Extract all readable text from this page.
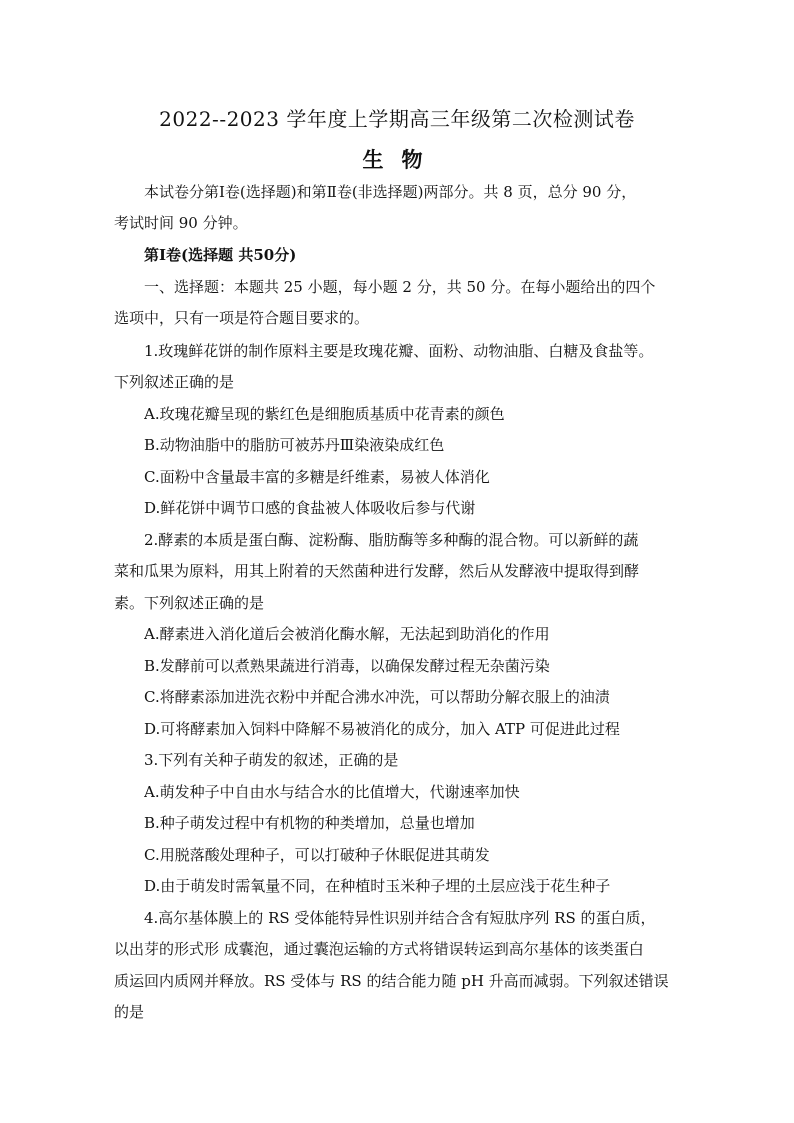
2022--2023 学年度上学期高三年级第二次检测试卷
生物
本试卷分第Ⅰ卷(选择题)和第Ⅱ卷(非选择题)两部分。共 8 页，总分 90 分，
考试时间 90 分钟。
第Ⅰ卷(选择题 共50分)
一、选择题：本题共 25 小题，每小题 2 分，共 50 分。在每小题给出的四个
选项中，只有一项是符合题目要求的。
1.玫瑰鲜花饼的制作原料主要是玫瑰花瓣、面粉、动物油脂、白糖及食盐等。
下列叙述正确的是
A.玫瑰花瓣呈现的紫红色是细胞质基质中花青素的颜色
B.动物油脂中的脂肪可被苏丹Ⅲ染液染成红色
C.面粉中含量最丰富的多糖是纤维素，易被人体消化
D.鲜花饼中调节口感的食盐被人体吸收后参与代谢
2.酵素的本质是蛋白酶、淀粉酶、脂肪酶等多种酶的混合物。可以新鲜的蔬
菜和瓜果为原料，用其上附着的天然菌种进行发酵，然后从发酵液中提取得到酵
素。下列叙述正确的是
A.酵素进入消化道后会被消化酶水解，无法起到助消化的作用
B.发酵前可以煮熟果蔬进行消毒，以确保发酵过程无杂菌污染
C.将酵素添加进洗衣粉中并配合沸水冲洗，可以帮助分解衣服上的油渍
D.可将酵素加入饲料中降解不易被消化的成分，加入 ATP 可促进此过程
3.下列有关种子萌发的叙述，正确的是
A.萌发种子中自由水与结合水的比值增大，代谢速率加快
B.种子萌发过程中有机物的种类增加，总量也增加
C.用脱落酸处理种子，可以打破种子休眠促进其萌发
D.由于萌发时需氧量不同，在种植时玉米种子埋的土层应浅于花生种子
4.高尔基体膜上的 RS 受体能特异性识别并结合含有短肽序列 RS 的蛋白质，
以出芽的形式形 成囊泡，通过囊泡运输的方式将错误转运到高尔基体的该类蛋白
质运回内质网并释放。RS 受体与 RS 的结合能力随 pH 升高而减弱。下列叙述错误
的是
